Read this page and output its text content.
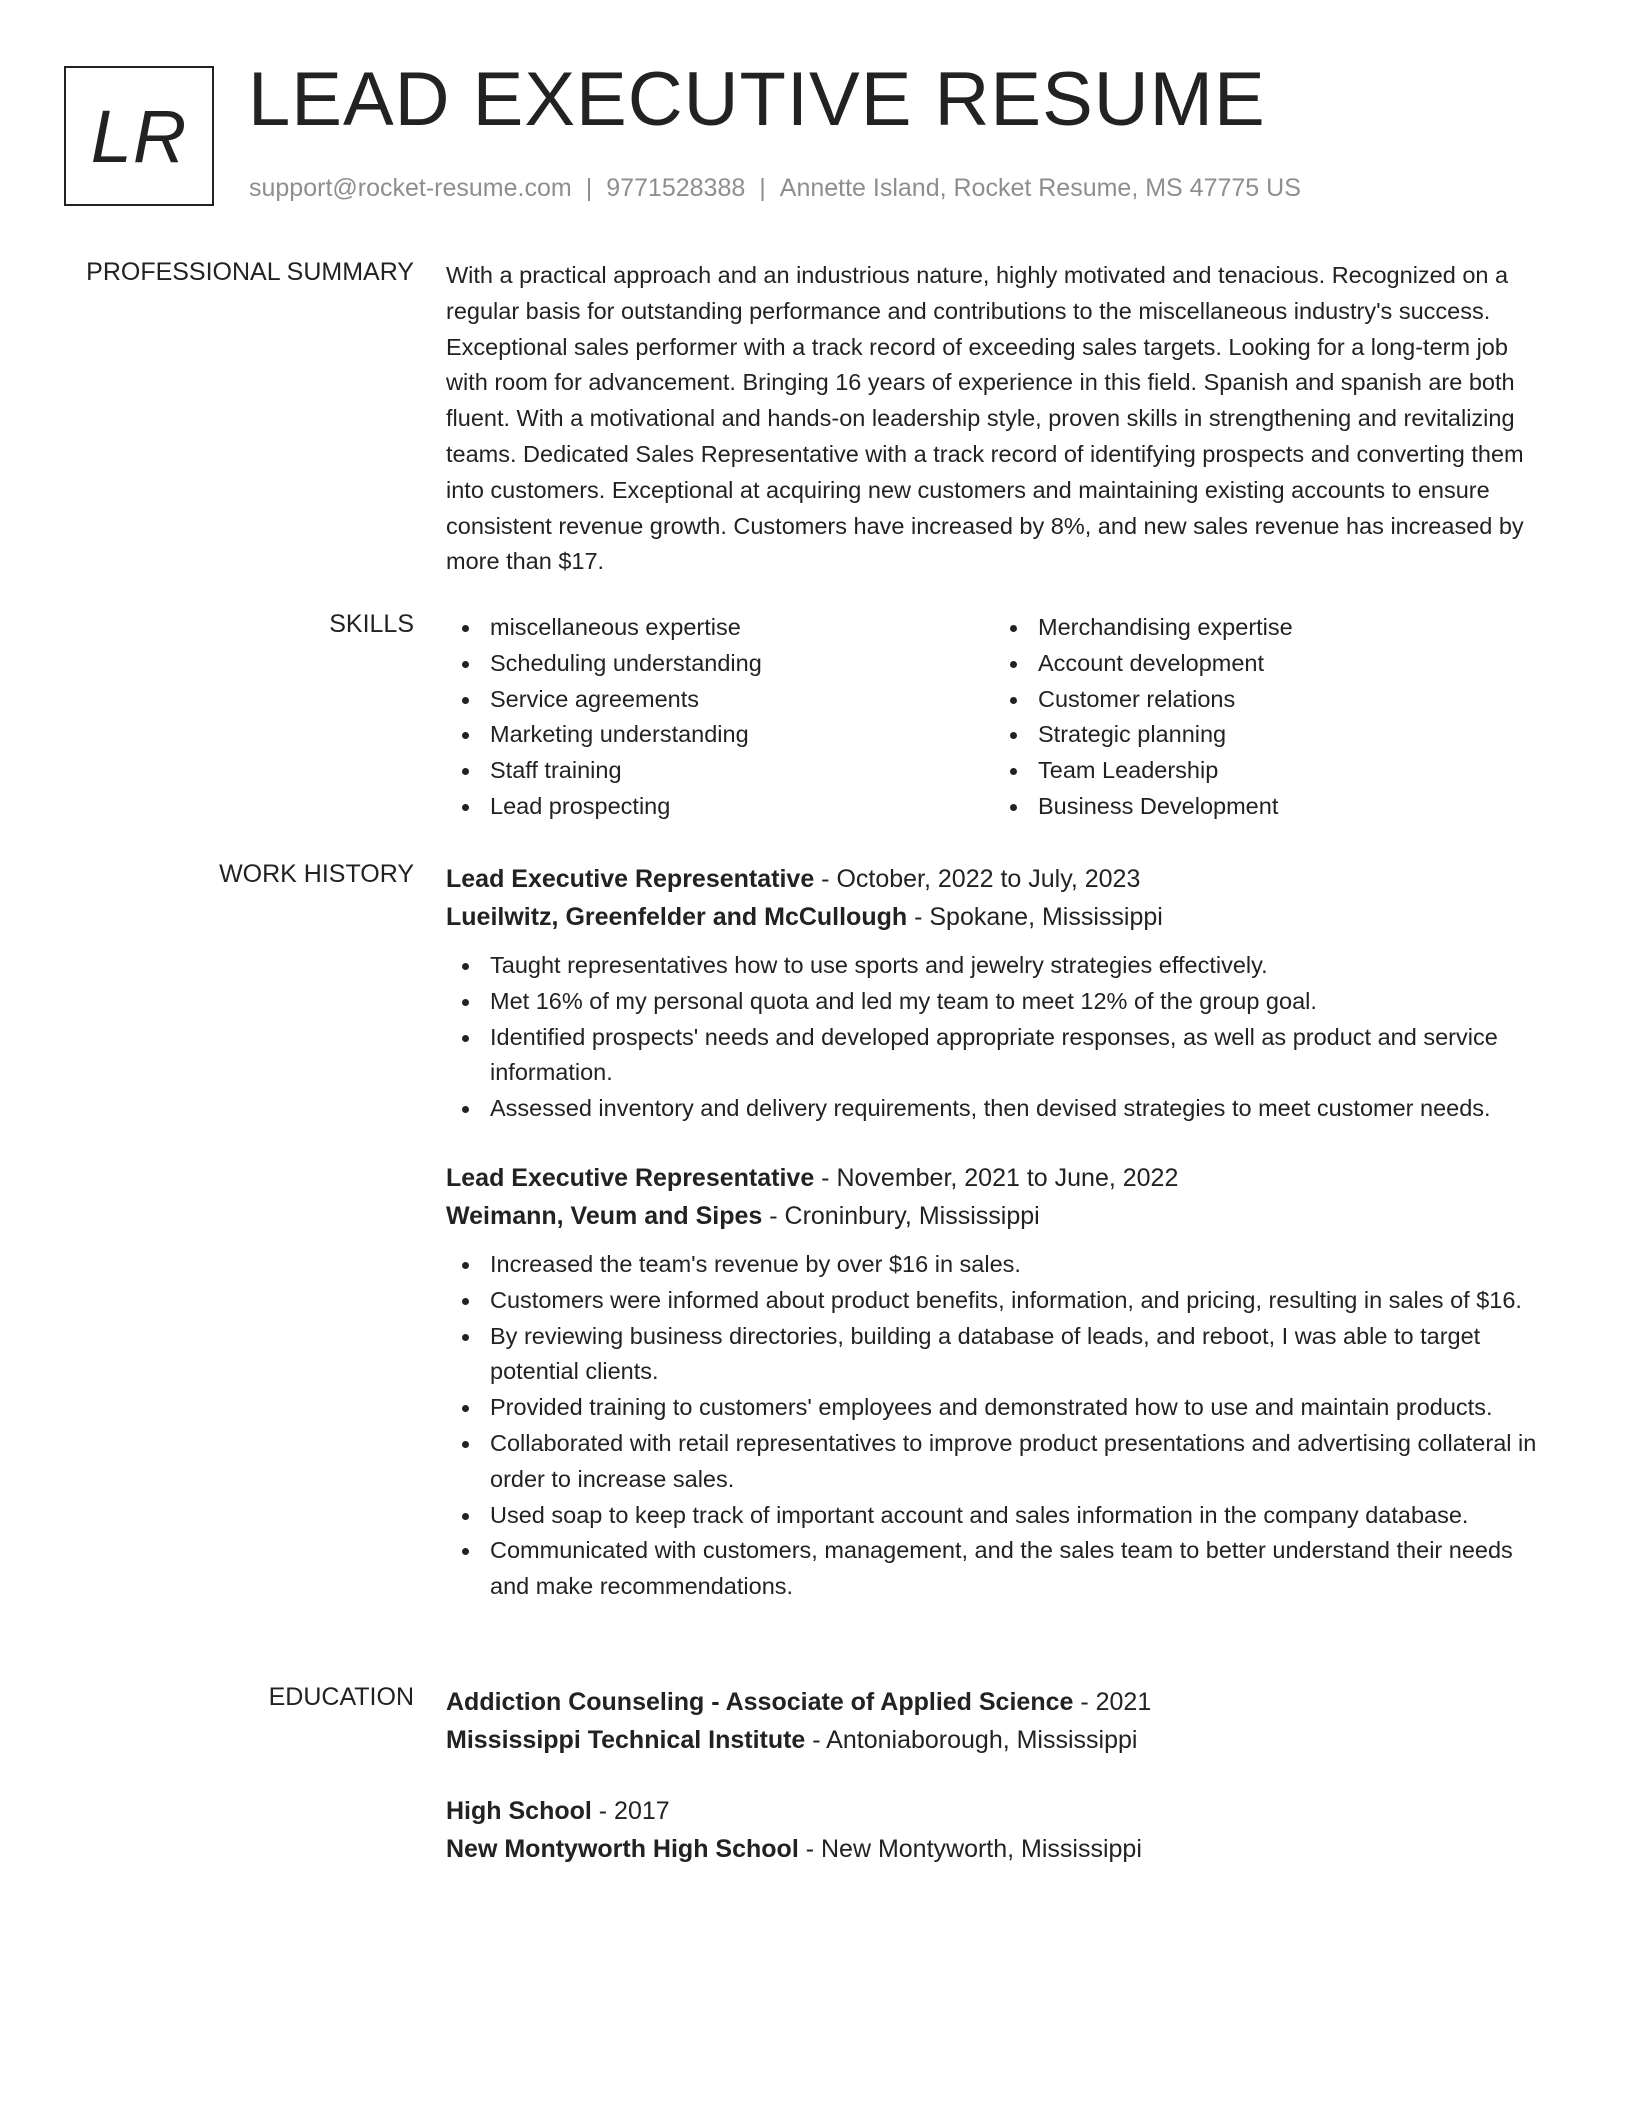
LR LEAD EXECUTIVE RESUME
support@rocket-resume.com | 9771528388 | Annette Island, Rocket Resume, MS 47775 US
PROFESSIONAL SUMMARY With a practical approach and an industrious nature, highly motivated and tenacious. Recognized on a regular basis for outstanding performance and contributions to the miscellaneous industry's success. Exceptional sales performer with a track record of exceeding sales targets. Looking for a long-term job with room for advancement. Bringing 16 years of experience in this field. Spanish and spanish are both fluent. With a motivational and hands-on leadership style, proven skills in strengthening and revitalizing teams. Dedicated Sales Representative with a track record of identifying prospects and converting them into customers. Exceptional at acquiring new customers and maintaining existing accounts to ensure consistent revenue growth. Customers have increased by 8%, and new sales revenue has increased by more than $17.

SKILLS	miscellaneous expertise
Scheduling understanding
Service agreements
Marketing understanding
Staff training
Lead prospecting
Merchandising expertise
Account development
Customer relations
Strategic planning
Team Leadership
Business Development
WORK HISTORY Lead Executive Representative - October, 2022 to July, 2023
Lueilwitz, Greenfelder and McCullough - Spokane, Mississippi
Taught representatives how to use sports and jewelry strategies effectively.
Met 16% of my personal quota and led my team to meet 12% of the group goal.
Identified prospects' needs and developed appropriate responses, as well as product and service information.
Assessed inventory and delivery requirements, then devised strategies to meet customer needs.
Lead Executive Representative - November, 2021 to June, 2022
Weimann, Veum and Sipes - Croninbury, Mississippi
Increased the team's revenue by over $16 in sales.
Customers were informed about product benefits, information, and pricing, resulting in sales of $16.
By reviewing business directories, building a database of leads, and reboot, I was able to target potential clients.
Provided training to customers' employees and demonstrated how to use and maintain products.
Collaborated with retail representatives to improve product presentations and advertising collateral in order to increase sales.
Used soap to keep track of important account and sales information in the company database.
Communicated with customers, management, and the sales team to better understand their needs and make recommendations.
EDUCATION Addiction Counseling - Associate of Applied Science - 2021
Mississippi Technical Institute - Antoniaborough, Mississippi
High School - 2017
New Montyworth High School - New Montyworth, Mississippi
